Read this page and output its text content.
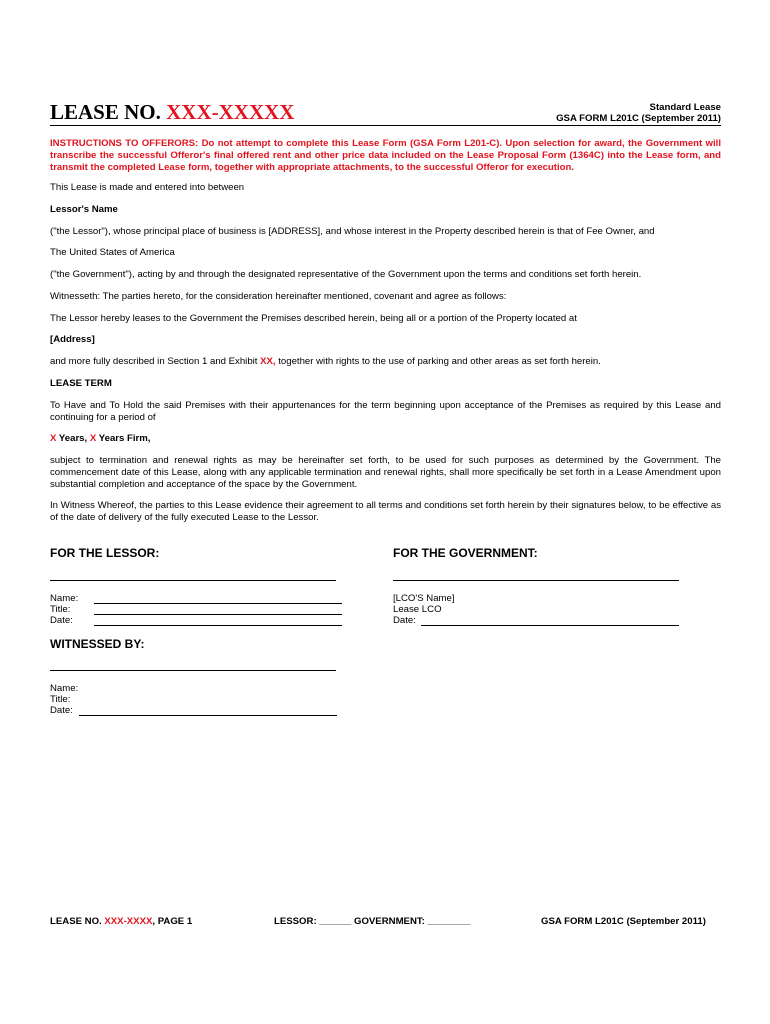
LEASE NO. XXX-XXXXX	Standard Lease
GSA FORM L201C (September 2011)
INSTRUCTIONS TO OFFERORS: Do not attempt to complete this Lease Form (GSA Form L201-C). Upon selection for award, the Government will transcribe the successful Offeror's final offered rent and other price data included on the Lease Proposal Form (1364C) into the Lease form, and transmit the completed Lease form, together with appropriate attachments, to the successful Offeror for execution.
This Lease is made and entered into between
Lessor's Name
("the Lessor"), whose principal place of business is [ADDRESS], and whose interest in the Property described herein is that of Fee Owner, and
The United States of America
("the Government"), acting by and through the designated representative of the Government upon the terms and conditions set forth herein.
Witnesseth: The parties hereto, for the consideration hereinafter mentioned, covenant and agree as follows:
The Lessor hereby leases to the Government the Premises described herein, being all or a portion of the Property located at
[Address]
and more fully described in Section 1 and Exhibit XX, together with rights to the use of parking and other areas as set forth herein.
LEASE TERM
To Have and To Hold the said Premises with their appurtenances for the term beginning upon acceptance of the Premises as required by this Lease and continuing for a period of
X Years, X Years Firm,
subject to termination and renewal rights as may be hereinafter set forth, to be used for such purposes as determined by the Government. The commencement date of this Lease, along with any applicable termination and renewal rights, shall more specifically be set forth in a Lease Amendment upon substantial completion and acceptance of the space by the Government.
In Witness Whereof, the parties to this Lease evidence their agreement to all terms and conditions set forth herein by their signatures below, to be effective as of the date of delivery of the fully executed Lease to the Lessor.
FOR THE LESSOR:
Name:
Title:
Date:
FOR THE GOVERNMENT:
[LCO'S Name]
Lease LCO
Date:
WITNESSED BY:
Name:
Title:
Date:
LEASE NO. XXX-XXXX, PAGE 1	LESSOR: ______ GOVERNMENT: ________	GSA FORM L201C (September 2011)
